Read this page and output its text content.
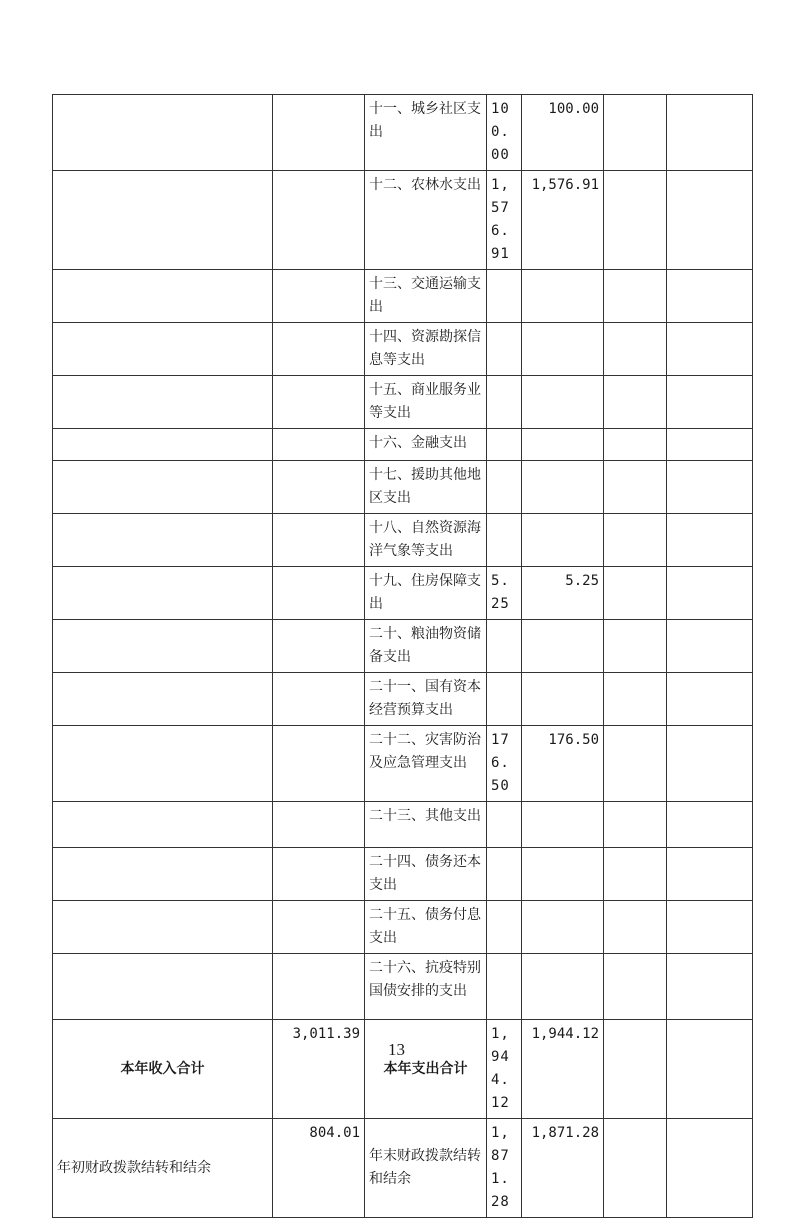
		十一、城乡社区支出	100.00	100.00		
		十二、农林水支出	1,576.91	1,576.91		
		十三、交通运输支出				
		十四、资源勘探信息等支出				
		十五、商业服务业等支出				
		十六、金融支出				
		十七、援助其他地区支出				
		十八、自然资源海洋气象等支出				
		十九、住房保障支出	5.25	5.25		
		二十、粮油物资储备支出				
		二十一、国有资本经营预算支出				
		二十二、灾害防治及应急管理支出	176.50	176.50		
		二十三、其他支出				
		二十四、债务还本支出				
		二十五、债务付息支出				
		二十六、抗疫特别国债安排的支出				
本年收入合计	3,011.39	本年支出合计	1,944.12	1,944.12		
年初财政拨款结转和结余	804.01	年末财政拨款结转和结余	1,871.28	1,871.28		
13
